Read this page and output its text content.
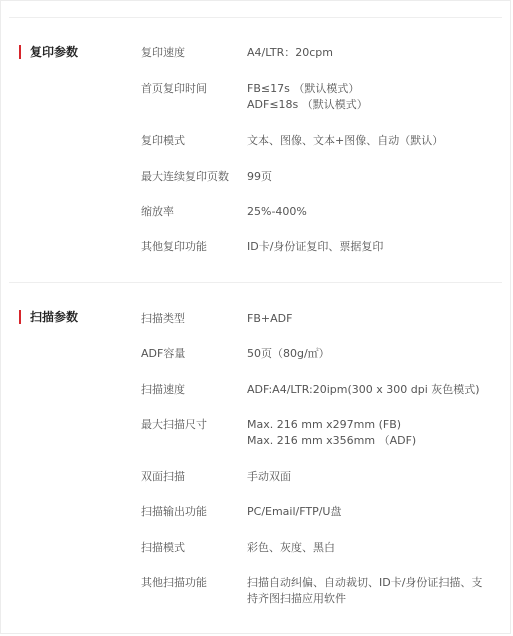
复印参数	复印速度	A4/LTR：20cpm
首页复印时间	FB≤17s （默认模式）
ADF≤18s （默认模式）
复印模式	文本、图像、文本+图像、自动（默认）
最大连续复印页数	99页
缩放率	25%-400%
其他复印功能	ID卡/身份证复印、票据复印
扫描参数	扫描类型	FB+ADF
ADF容量	50页（80g/㎡）
扫描速度	ADF:A4/LTR:20ipm(300 x 300 dpi 灰色模式)
最大扫描尺寸	Max. 216 mm x297mm (FB)
Max. 216 mm x356mm （ADF)
双面扫描	手动双面
扫描输出功能	PC/Email/FTP/U盘
扫描模式	彩色、灰度、黑白
其他扫描功能	扫描自动纠偏、自动裁切、ID卡/身份证扫描、支
持齐图扫描应用软件
